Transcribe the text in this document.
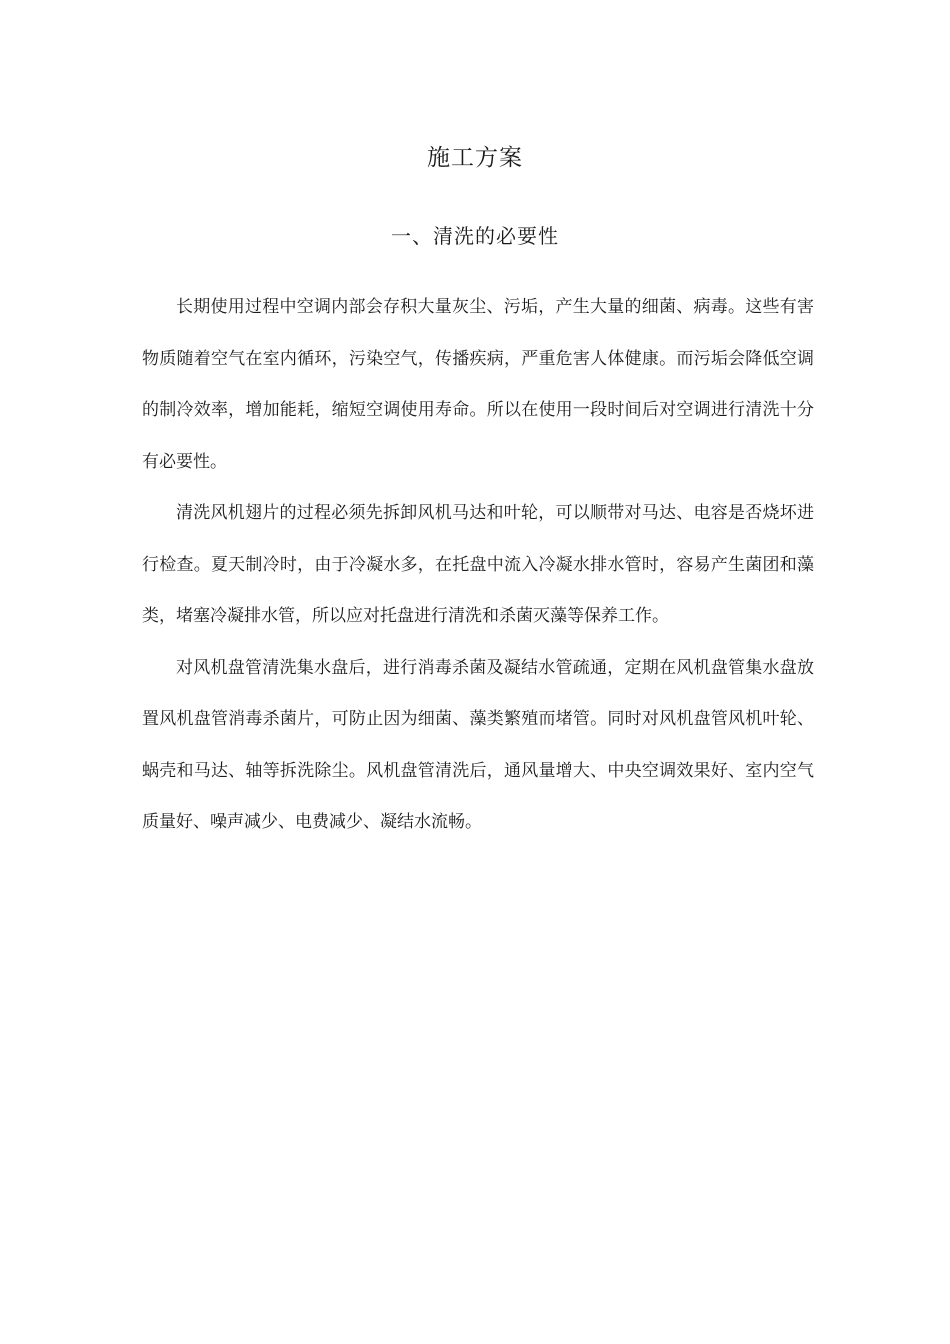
施工方案
一、清洗的必要性

长期使用过程中空调内部会存积大量灰尘、污垢，产生大量的细菌、病毒。这些有害物质随着空气在室内循环，污染空气，传播疾病，严重危害人体健康。而污垢会降低空调的制冷效率，增加能耗，缩短空调使用寿命。所以在使用一段时间后对空调进行清洗十分有必要性。

清洗风机翅片的过程必须先拆卸风机马达和叶轮，可以顺带对马达、电容是否烧坏进行检查。夏天制冷时，由于冷凝水多，在托盘中流入冷凝水排水管时，容易产生菌团和藻类，堵塞冷凝排水管，所以应对托盘进行清洗和杀菌灭藻等保养工作。

对风机盘管清洗集水盘后，进行消毒杀菌及凝结水管疏通，定期在风机盘管集水盘放置风机盘管消毒杀菌片，可防止因为细菌、藻类繁殖而堵管。同时对风机盘管风机叶轮、蜗壳和马达、轴等拆洗除尘。风机盘管清洗后，通风量增大、中央空调效果好、室内空气质量好、噪声减少、电费减少、凝结水流畅。
